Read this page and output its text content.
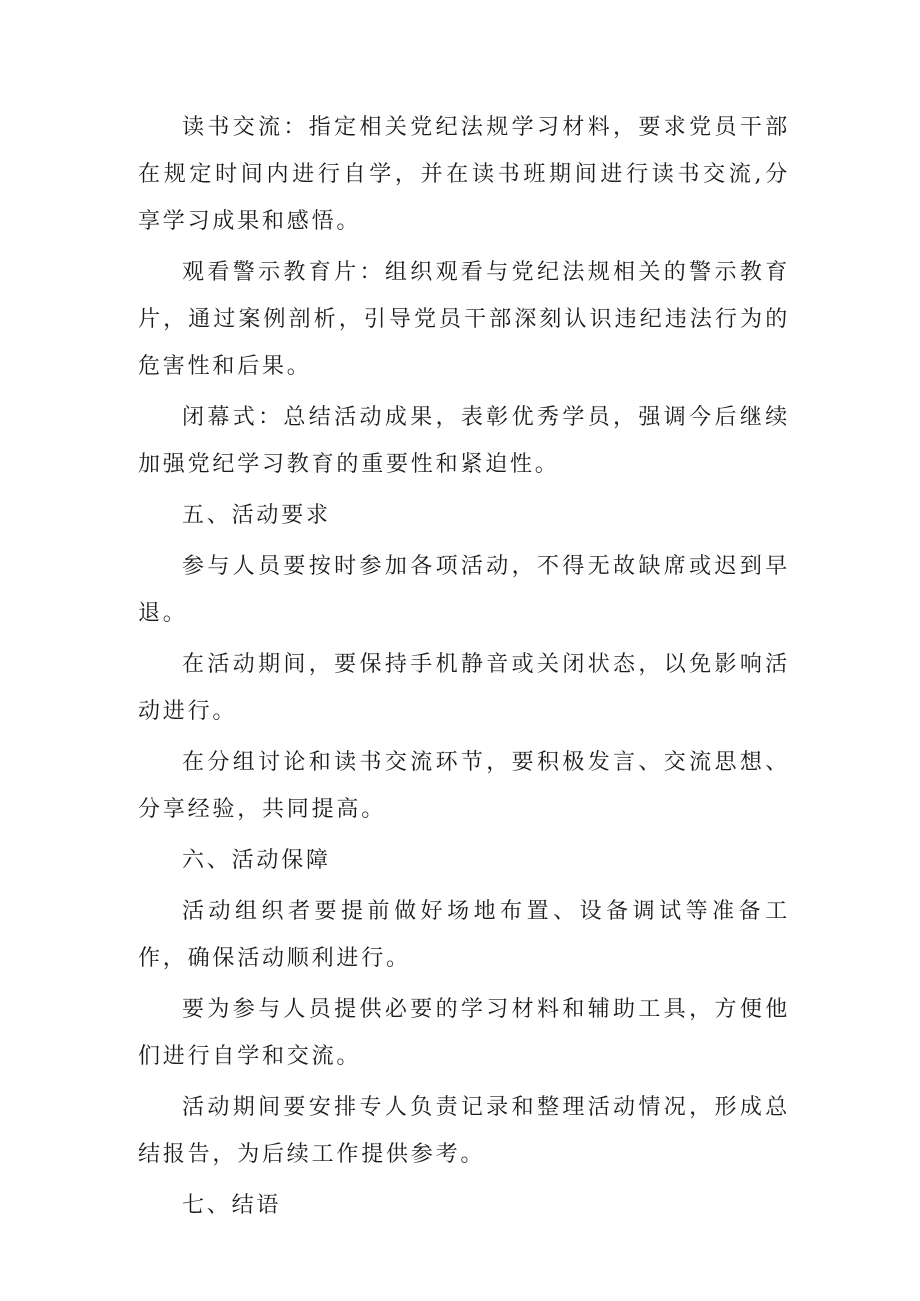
读书交流：指定相关党纪法规学习材料，要求党员干部在规定时间内进行自学，并在读书班期间进行读书交流,分享学习成果和感悟。

观看警示教育片：组织观看与党纪法规相关的警示教育片，通过案例剖析，引导党员干部深刻认识违纪违法行为的危害性和后果。

闭幕式：总结活动成果，表彰优秀学员，强调今后继续加强党纪学习教育的重要性和紧迫性。

五、活动要求

参与人员要按时参加各项活动，不得无故缺席或迟到早退。

在活动期间，要保持手机静音或关闭状态，以免影响活动进行。

在分组讨论和读书交流环节，要积极发言、交流思想、分享经验，共同提高。

六、活动保障

活动组织者要提前做好场地布置、设备调试等准备工作，确保活动顺利进行。

要为参与人员提供必要的学习材料和辅助工具，方便他们进行自学和交流。

活动期间要安排专人负责记录和整理活动情况，形成总结报告，为后续工作提供参考。

七、结语
